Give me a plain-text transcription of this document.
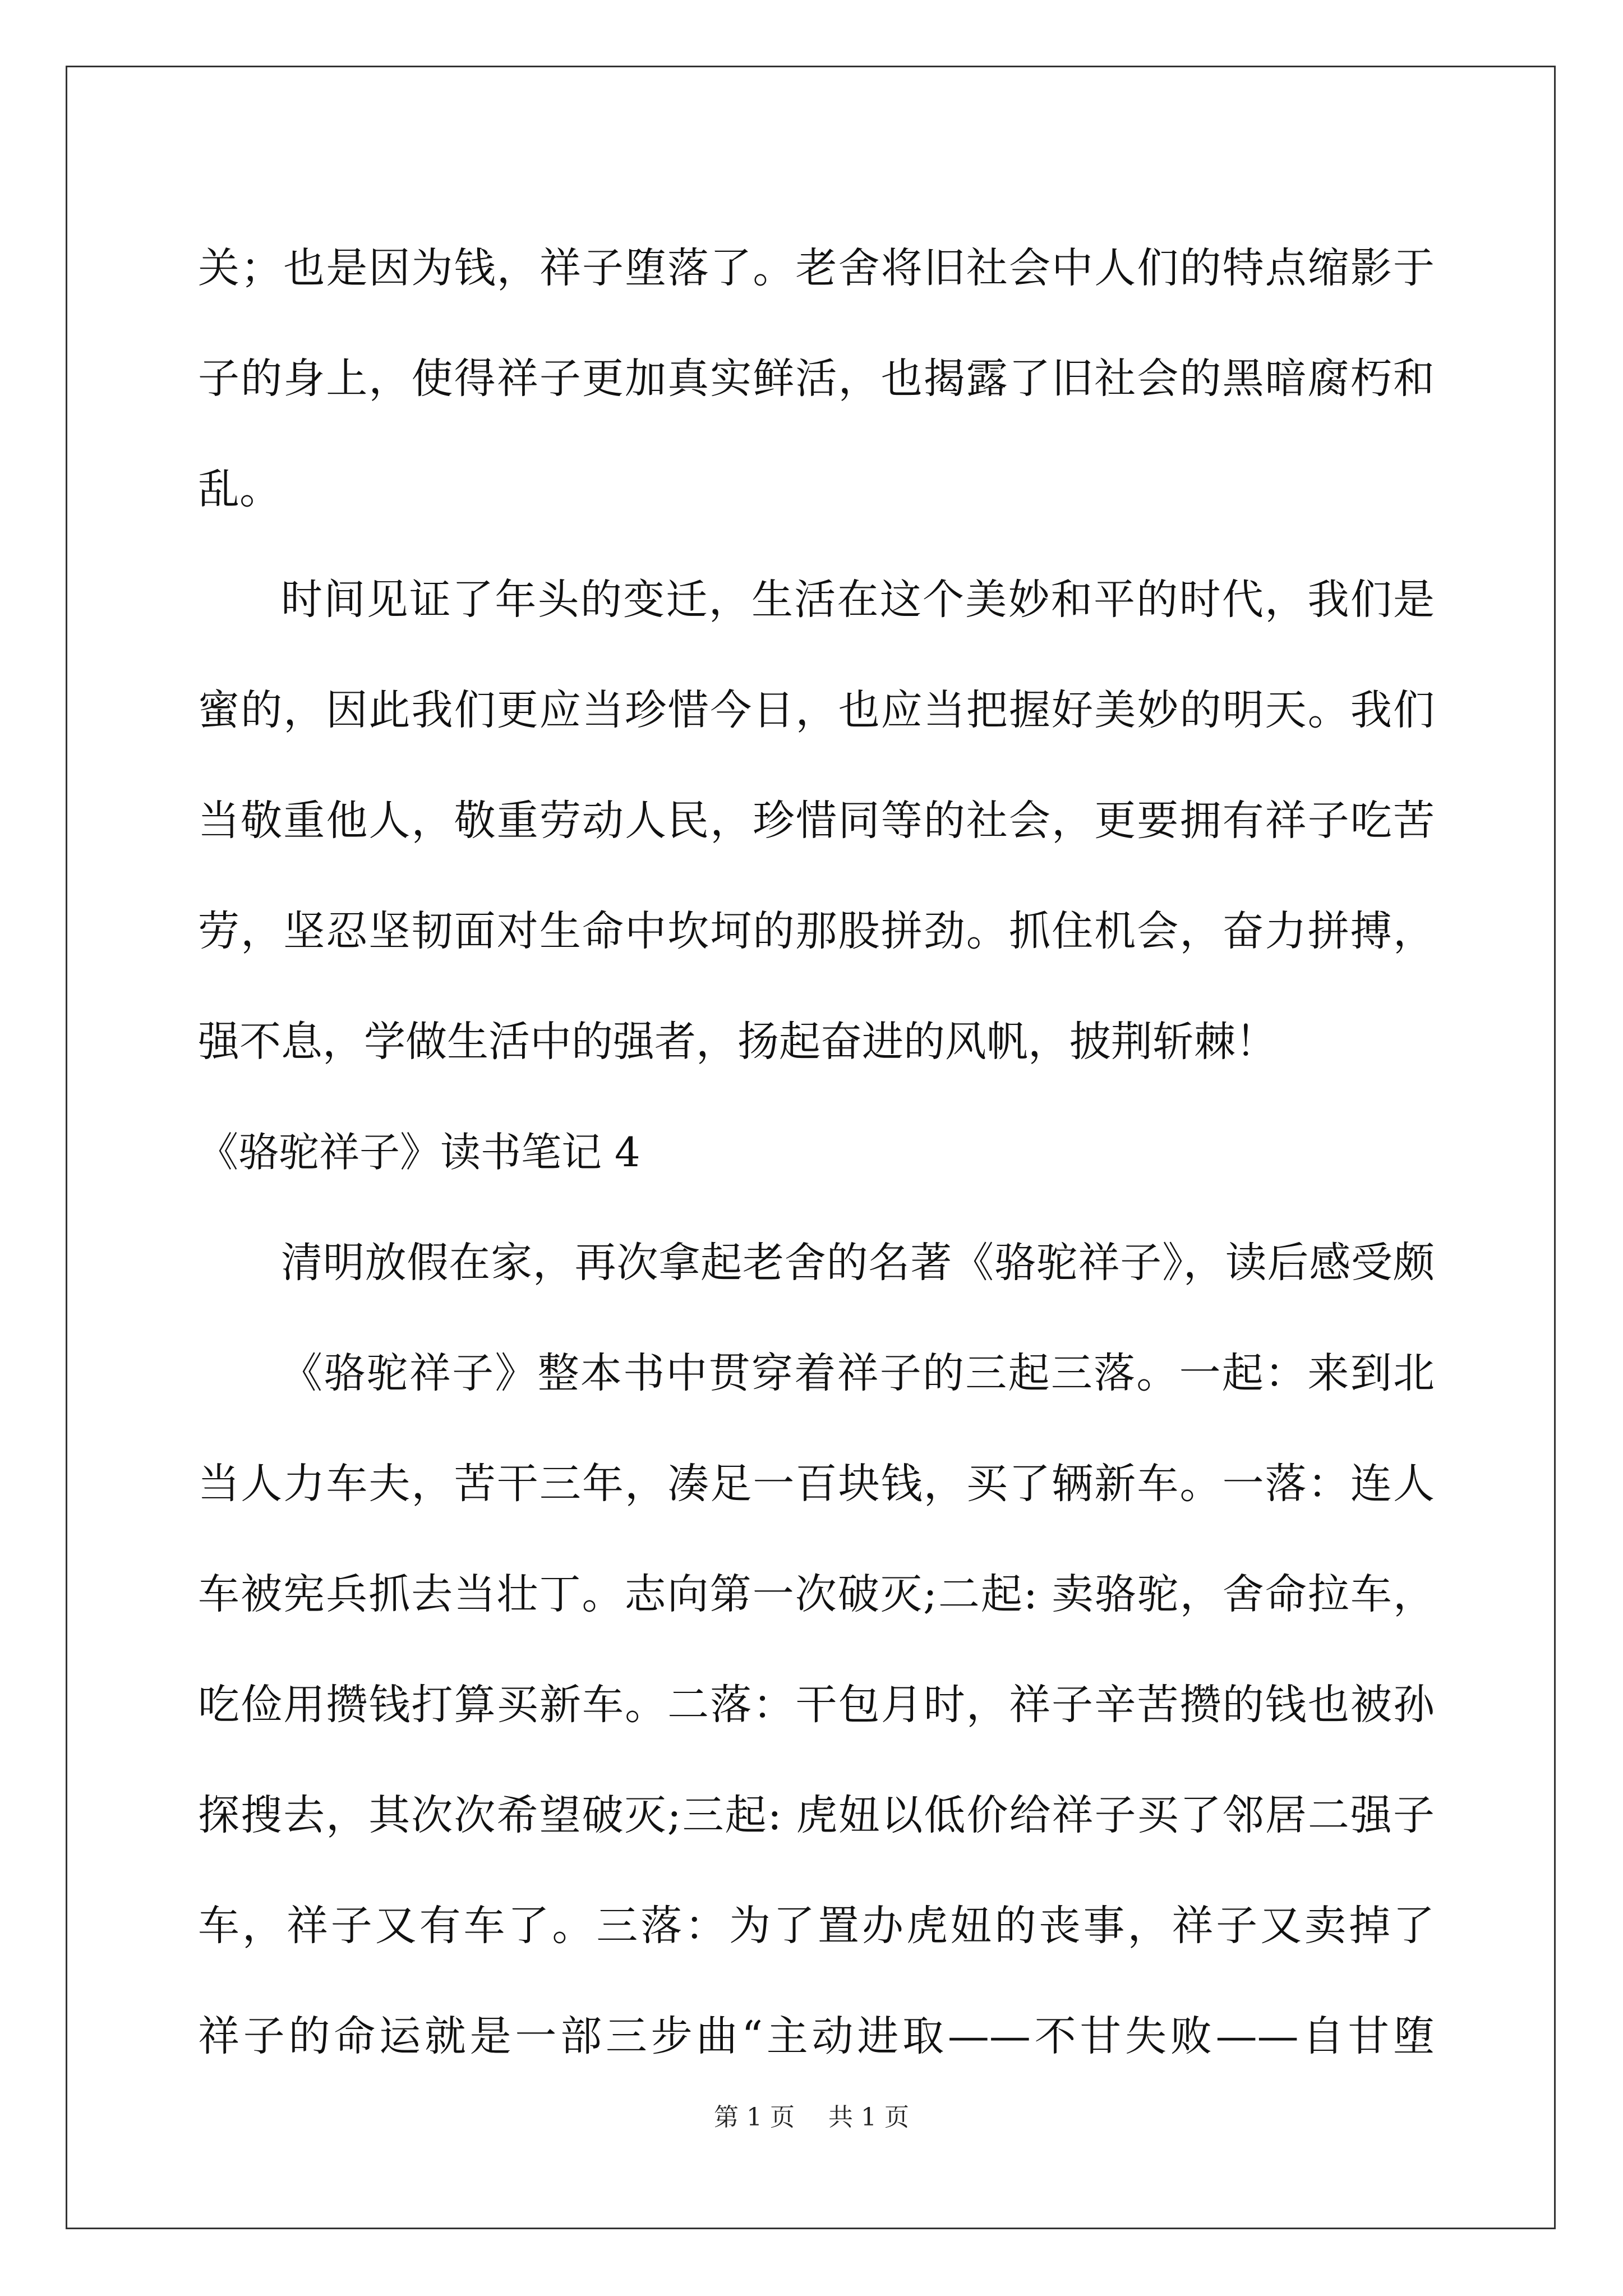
关；也是因为钱，祥子堕落了。老舍将旧社会中人们的特点缩影于
子的身上，使得祥子更加真实鲜活，也揭露了旧社会的黑暗腐朽和
乱。
时间见证了年头的变迁，生活在这个美妙和平的时代，我们是
蜜的，因此我们更应当珍惜今日，也应当把握好美妙的明天。我们
当敬重他人，敬重劳动人民，珍惜同等的社会，更要拥有祥子吃苦
劳，坚忍坚韧面对生命中坎坷的那股拼劲。抓住机会，奋力拼搏，
强不息，学做生活中的强者，扬起奋进的风帆，披荆斩棘！
《骆驼祥子》读书笔记 4
清明放假在家，再次拿起老舍的名著《骆驼祥子》，读后感受颇
《骆驼祥子》整本书中贯穿着祥子的三起三落。一起：来到北
当人力车夫，苦干三年，凑足一百块钱，买了辆新车。一落：连人
车被宪兵抓去当壮丁。志向第一次破灭;二起: 卖骆驼，舍命拉车，
吃俭用攒钱打算买新车。二落：干包月时，祥子辛苦攒的钱也被孙
探搜去，其次次希望破灭;三起: 虎妞以低价给祥子买了邻居二强子
车，祥子又有车了。三落：为了置办虎妞的丧事，祥子又卖掉了
祥子的命运就是一部三步曲“主动进取——不甘失败——自甘堕
第 1 页 共 1 页
